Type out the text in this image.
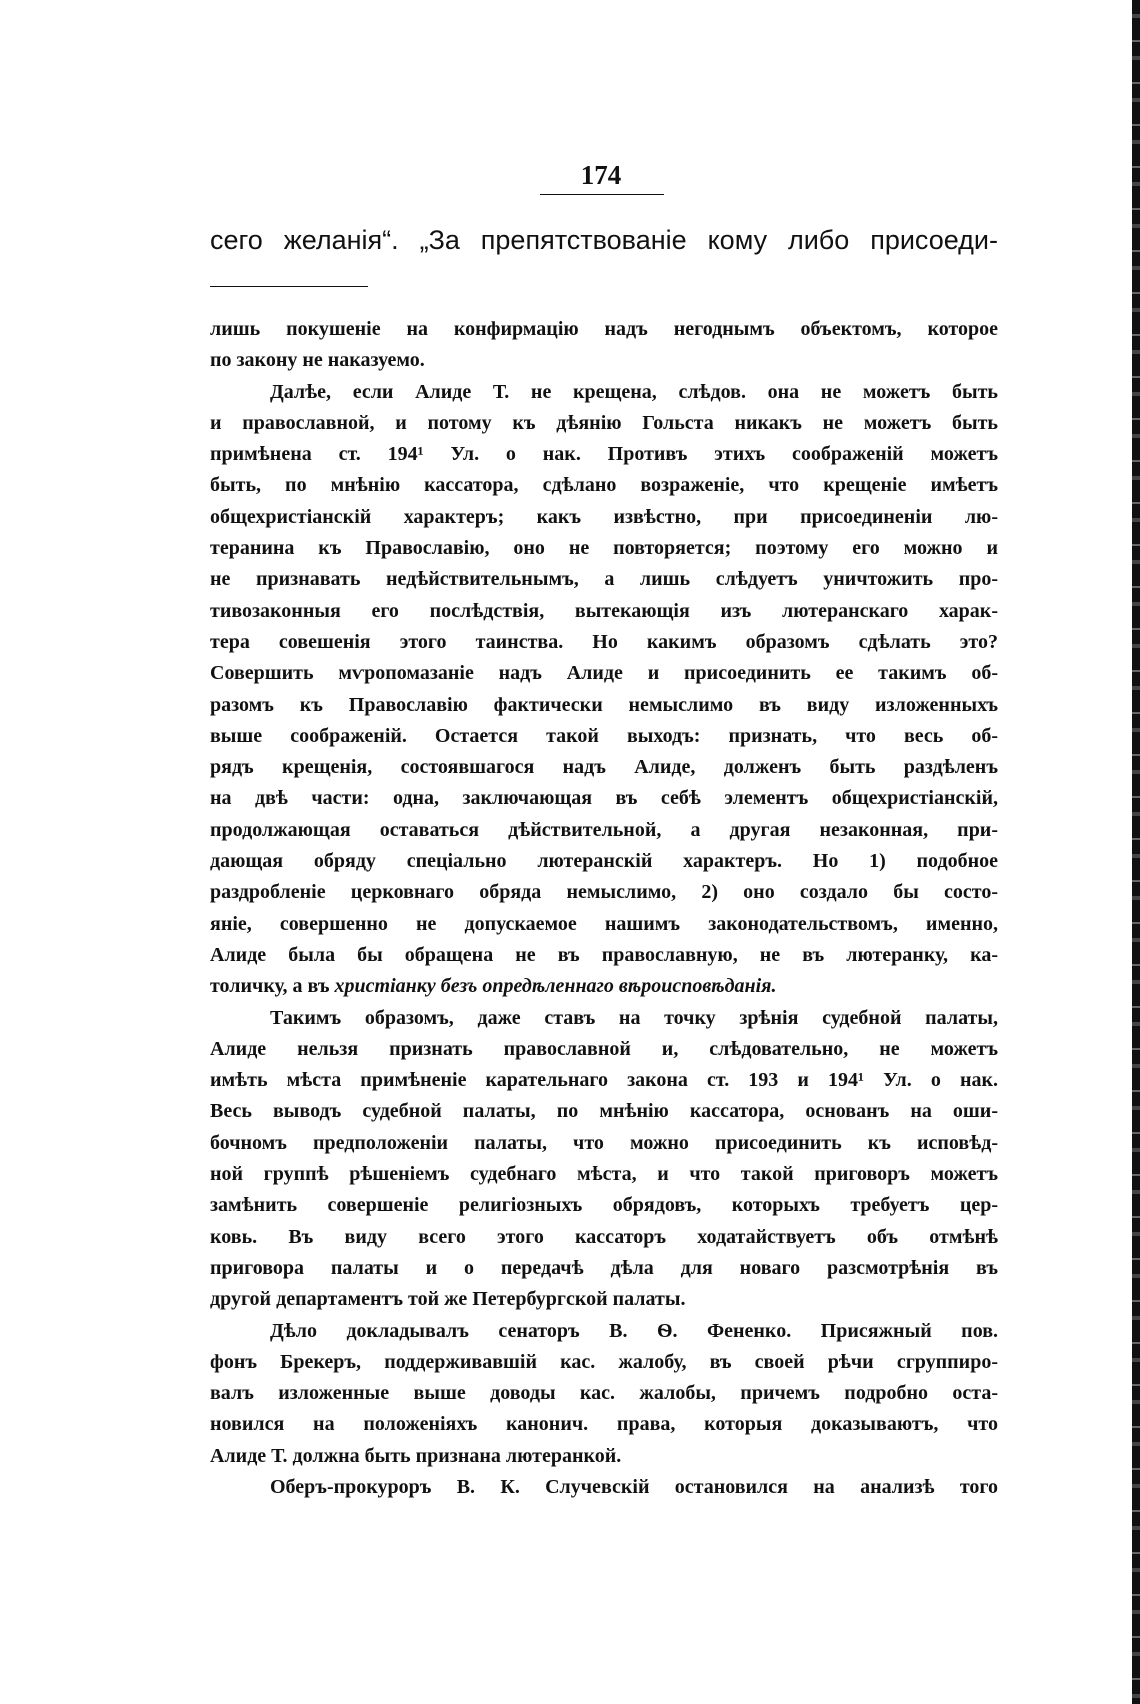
174
сего желанія“. „За препятствованіе кому либо присоеди-
лишь покушеніе на конфирмацію надъ негоднымъ объектомъ, которое
по закону не наказуемо.
Далѣе, если Алиде Т. не крещена, слѣдов. она не можетъ быть
и православной, и потому къ дѣянію Гольста никакъ не можетъ быть
примѣнена ст. 194¹ Ул. о нак. Противъ этихъ соображеній можетъ
быть, по мнѣнію кассатора, сдѣлано возраженіе, что крещеніе имѣетъ
общехристіанскій характеръ; какъ извѣстно, при присоединеніи лю-
теранина къ Православію, оно не повторяется; поэтому его можно и
не признавать недѣйствительнымъ, а лишь слѣдуетъ уничтожить про-
тивозаконныя его послѣдствія, вытекающія изъ лютеранскаго харак-
тера совешенія этого таинства. Но какимъ образомъ сдѣлать это?
Совершить мѵропомазаніе надъ Алиде и присоединить ее такимъ об-
разомъ къ Православію фактически немыслимо въ виду изложенныхъ
выше соображеній. Остается такой выходъ: признать, что весь об-
рядъ крещенія, состоявшагося надъ Алиде, долженъ быть раздѣленъ
на двѣ части: одна, заключающая въ себѣ элементъ общехристіанскій,
продолжающая оставаться дѣйствительной, а другая незаконная, при-
дающая обряду спеціально лютеранскій характеръ. Но 1) подобное
раздробленіе церковнаго обряда немыслимо, 2) оно создало бы состо-
яніе, совершенно не допускаемое нашимъ законодательствомъ, именно,
Алиде была бы обращена не въ православную, не въ лютеранку, ка-
толичку, а въ христіанку безъ опредѣленнаго вѣроисповѣданія.
Такимъ образомъ, даже ставъ на точку зрѣнія судебной палаты,
Алиде нельзя признать православной и, слѣдовательно, не можетъ
имѣть мѣста примѣненіе карательнаго закона ст. 193 и 194¹ Ул. о нак.
Весь выводъ судебной палаты, по мнѣнію кассатора, основанъ на оши-
бочномъ предположеніи палаты, что можно присоединить къ исповѣд-
ной группѣ рѣшеніемъ судебнаго мѣста, и что такой приговоръ можетъ
замѣнить совершеніе религіозныхъ обрядовъ, которыхъ требуетъ цер-
ковь. Въ виду всего этого кассаторъ ходатайствуетъ объ отмѣнѣ
приговора палаты и о передачѣ дѣла для новаго разсмотрѣнія въ
другой департаментъ той же Петербургской палаты.
Дѣло докладывалъ сенаторъ В. Ѳ. Фененко. Присяжный пов.
фонъ Брекеръ, поддерживавшій кас. жалобу, въ своей рѣчи сгруппиро-
валъ изложенные выше доводы кас. жалобы, причемъ подробно оста-
новился на положеніяхъ канонич. права, которыя доказываютъ, что
Алиде Т. должна быть признана лютеранкой.
Оберъ-прокуроръ В. К. Случевскій остановился на анализѣ того
